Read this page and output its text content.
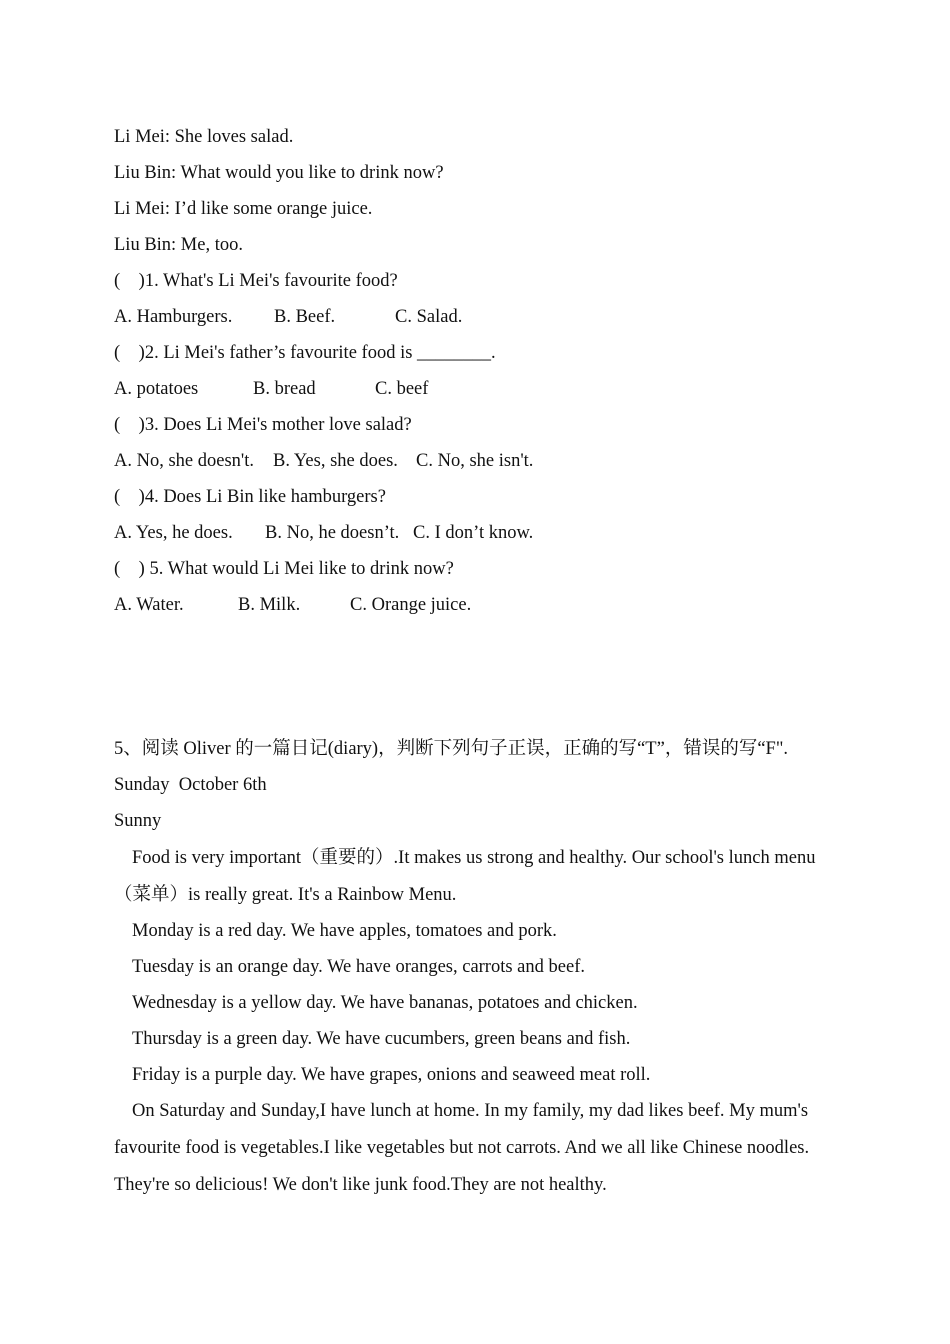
Li Mei: She loves salad.
Liu Bin: What would you like to drink now?
Li Mei: I’d like some orange juice.
Liu Bin: Me, too.
(    )1. What's Li Mei's favourite food?
A. Hamburgers. B. Beef.	C. Salad.
(    )2. Li Mei's father’s favourite food is ________.
A. potatoes	B. bread	C. beef
(    )3. Does Li Mei's mother love salad?
A. No, she doesn't. B. Yes, she does. C. No, she isn't.
(    )4. Does Li Bin like hamburgers?
A. Yes, he does. B. No, he doesn’t. C. I don’t know.
(    ) 5. What would Li Mei like to drink now?
A. Water.	B. Milk.	C. Orange juice.
5、阅读 Oliver 的一篇日记(diary)，判断下列句子正误，正确的写“T”，错误的写“F".
Sunday  October 6th
Sunny
Food is very important（重要的）.It makes us strong and healthy. Our school's lunch menu
（菜单）is really great. It's a Rainbow Menu.
Monday is a red day. We have apples, tomatoes and pork.
Tuesday is an orange day. We have oranges, carrots and beef.
Wednesday is a yellow day. We have bananas, potatoes and chicken.
Thursday is a green day. We have cucumbers, green beans and fish.
Friday is a purple day. We have grapes, onions and seaweed meat roll.
On Saturday and Sunday,I have lunch at home. In my family, my dad likes beef. My mum's
favourite food is vegetables.I like vegetables but not carrots. And we all like Chinese noodles.
They're so delicious! We don't like junk food.They are not healthy.
